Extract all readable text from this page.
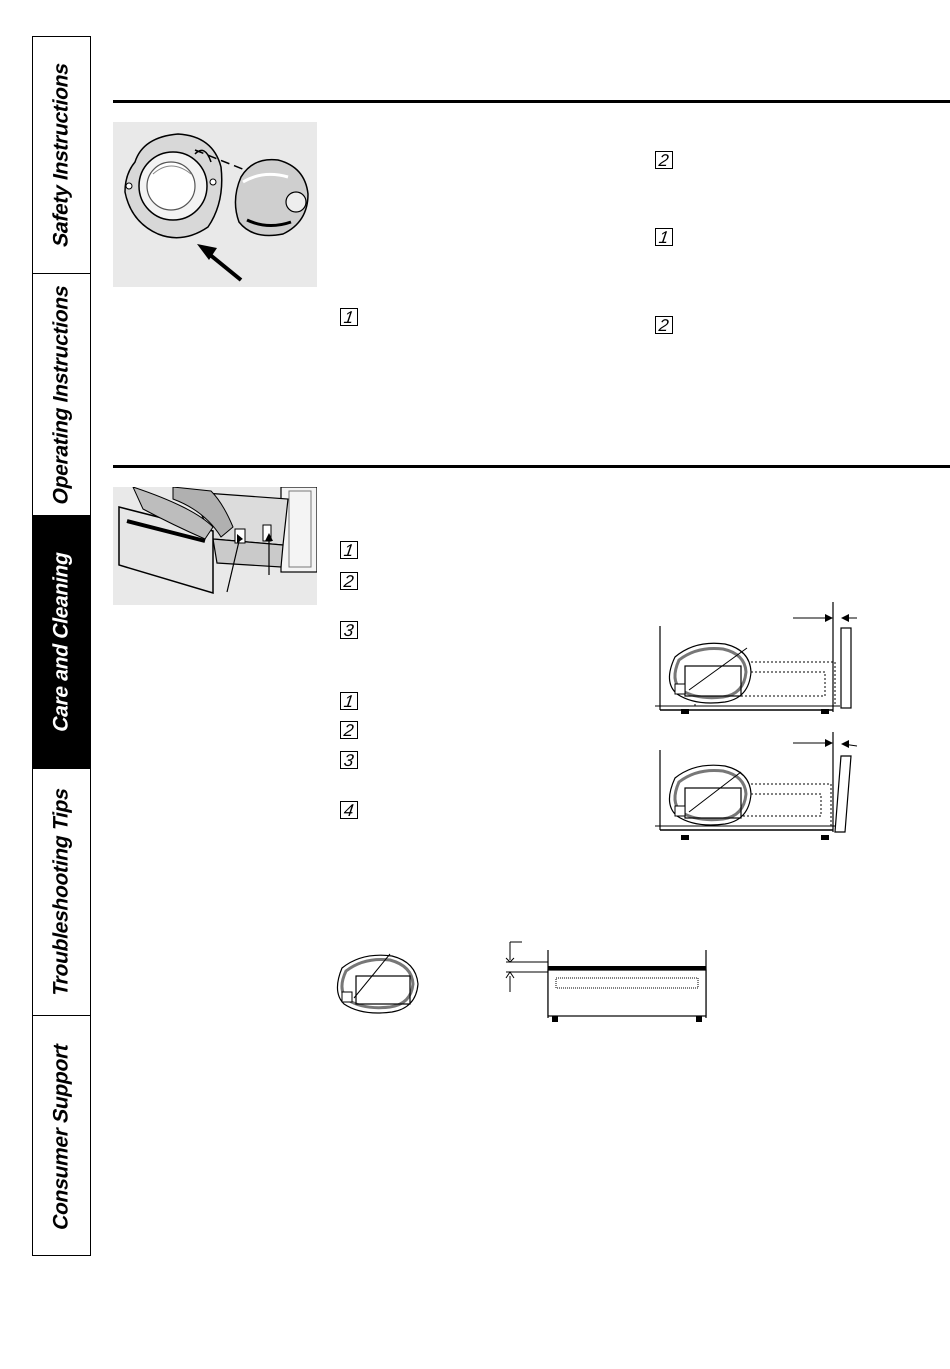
Safety Instructions
Operating Instructions
Care and Cleaning
Troubleshooting Tips
Consumer Support
1
2
1
2
1
2
3
1
2
3
4
